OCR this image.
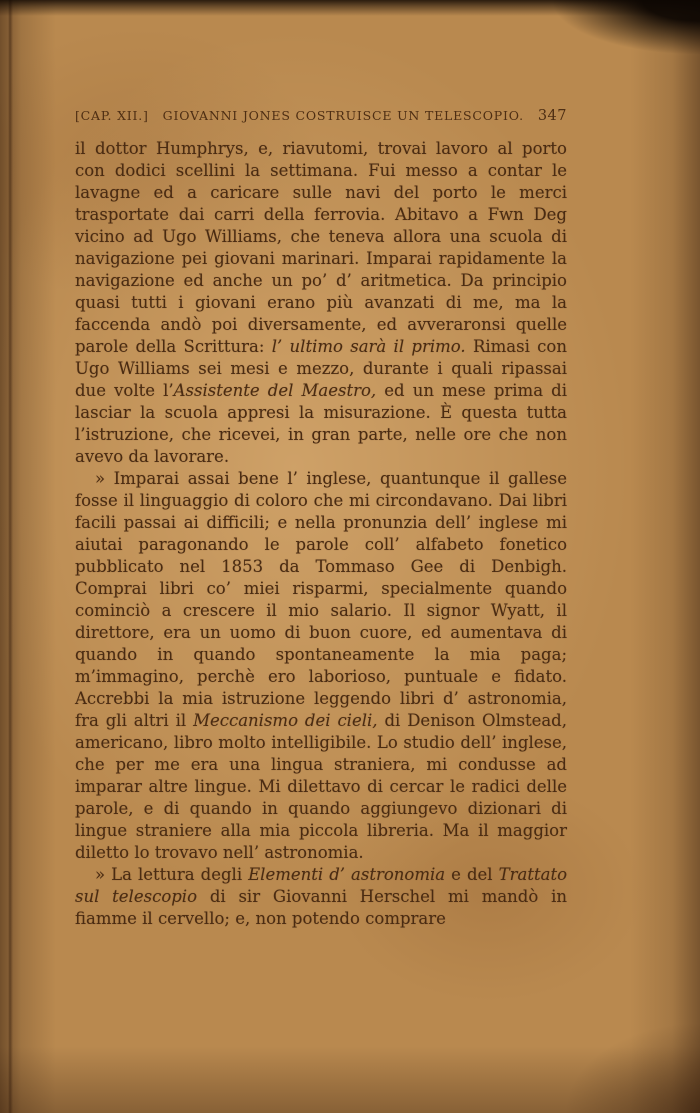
[CAP. XII.]	GIOVANNI JONES COSTRUISCE UN TELESCOPIO. 347

il dottor Humphrys, e, riavutomi, trovai lavoro al porto con dodici scellini la settimana. Fui messo a contar le lavagne ed a caricare sulle navi del porto le merci trasportate dai carri della ferrovia. Abitavo a Fwn Deg vicino ad Ugo Williams, che teneva allora una scuola di navigazione pei giovani marinari. Imparai rapidamente la navigazione ed anche un po’ d’ aritmetica. Da principio quasi tutti i giovani erano più avanzati di me, ma la faccenda andò poi diversamente, ed avveraronsi quelle parole della Scrittura: l’ ultimo sarà il primo. Rimasi con Ugo Williams sei mesi e mezzo, durante i quali ripassai due volte l’Assistente del Maestro, ed un mese prima di lasciar la scuola appresi la misurazione. È questa tutta l’istruzione, che ricevei, in gran parte, nelle ore che non avevo da lavorare.

» Imparai assai bene l’ inglese, quantunque il gallese fosse il linguaggio di coloro che mi circondavano. Dai libri facili passai ai difficili; e nella pronunzia dell’ inglese mi aiutai paragonando le parole coll’ alfabeto fonetico pubblicato nel 1853 da Tommaso Gee di Denbigh. Comprai libri co’ miei risparmi, specialmente quando cominciò a crescere il mio salario. Il signor Wyatt, il direttore, era un uomo di buon cuore, ed aumentava di quando in quando spontaneamente la mia paga; m’immagino, perchè ero laborioso, puntuale e fidato. Accrebbi la mia istruzione leggendo libri d’ astronomia, fra gli altri il Meccanismo dei cieli, di Denison Olmstead, americano, libro molto intelligibile. Lo studio dell’ inglese, che per me era una lingua straniera, mi condusse ad imparar altre lingue. Mi dilettavo di cercar le radici delle parole, e di quando in quando aggiungevo dizionari di lingue straniere alla mia piccola libreria. Ma il maggior diletto lo trovavo nell’ astronomia.

» La lettura degli Elementi d’ astronomia e del Trattato sul telescopio di sir Giovanni Herschel mi mandò in fiamme il cervello; e, non potendo comprare
